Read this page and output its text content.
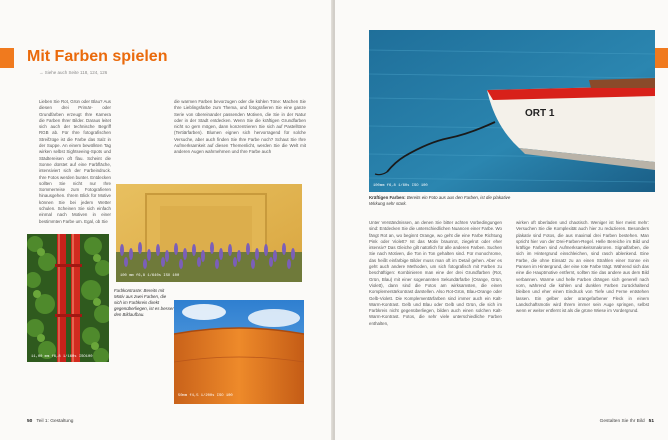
Mit Farben spielen
→ Siehe auch Seite 118, 124, 126

Lieben Sie Rot, Grün oder Blau? Aus diesen drei Primär- oder Grundfarben erzeugt Ihre Kamera die Farben Ihrer Bilder. Daraus leitet sich auch der technische Begriff RGB ab. Für Ihre fotografischen Streifzüge ist die Farbe das Salz in der Suppe. An einem bewölkten Tag wirken selbst Sightseeing-Spots und Städtereisen oft flau. Scheint die Sonne dürstet auf eine Farbfläche, intensiviert sich der Farbeindruck. Ihre Fotos werden bunter. Entdecken sollten Sie nicht nur Ihre Sommerreise zum Fotografieren hinausgehen. Ihrem Blick für Motive können Sie bei jedem Wetter schulen. Scheinen Sie sich einfach einmal nach Motiven in einer bestimmten Farbe um. Egal, ob Sie

die warmen Farben bevorzugen oder die kühlen Töne: Machen Sie Ihre Lieblingsfarbe zum Thema, und fotografieren Sie eine ganze Serie von übereinander passenden Motiven, die Sie in der Natur oder in der Stadt entdecken. Wenn Sie die kräftigen Grundfarben nicht so gern mögen, dann konzentrieren Sie sich auf Pastelltöne (Tertiärfarben). Blumen eignen sich hervorragend für solche Versuche, aber auch finden Sie Ihre Farbe noch? Schaut Sie Ihre Aufmerksamkeit auf diesen Themenlicht, werden Sie die Welt mit anderen Augen wahrnehmen und Ihre Farbe auch

100 mm f6,8 1/640s ISO 100
Farbkontraste: Bereits mit Motiv aus zwei Farben, die sich im Farbkreis direkt gegenüberliegen, ist es besser den Bildaufbau.
11,00 mm f6,8 1/160s ISO100
50mm f4,5 1/200s ISO 100
50 Teil 1: Gestaltung
ORT 1
100mm f6,8 1/60s ISO 100
Kräftigen Farben: Bereits ein Foto aus aus den Farben, ist die plakative Wirkung sehr stark.

Unter Verständnissen, an denen Sie bitter achten Vorbedingungen sind: Entdecken Sie die unterschiedlichen Nuancen einer Farbe. Wo fängt Rot an, wo beginnt Orange, wo geht die eine Farbe Richtung Pink oder Violett? Ist das Motiv braunrot, ziegelrot oder eher intensiv? Das Gleiche gilt natürlich für alle anderen Farben. Suchen Sie nach Motiven, die Ton in Ton gehalten sind. Für monochrome, das heißt einfarbige Bilder muss man oft im Detail gehen. Aber es geht auch andere Methoden, um sich fotografisch mit Farben zu beschäftigen: Kombinieren man eine der drei Grundfarben (Rot, Grün, Blau) mit einer sogenannten Sekundärfarbe (Orange, Grün, Violett), dann sind die Fotos am wirksamsten, die einen Komplementärkontrast darstellen. Also Rot-Grün, Blau-Orange oder Gelb-Violett. Die Komplementärfarben sind immer auch ein Kalt-Warm-Kontrast. Gelb und Blau oder Gelb und Grün, die sich im Farbkreis nicht gegenüberliegen, bilden auch einen solchen Kalt-Warm-Kontrast. Fotos, die sehr viele unterschiedliche Farben enthalten,

wirken oft überladen und chaotisch. Weniger ist hier meist mehr: Versuchen Sie die Komplexität auch hier zu reduzieren. Besonders plakativ sind Fotos, die aus maximal drei Farben bestehen. Man spricht hier von der Drei-Farben-Regel. Helle Bereiche im Bild und kräftige Farben sind Aufmerksamkeitsmakroren. Signalfarben, die sich im Hintergrund einschleichen, sind rasch ablenkend. Eine Farbe, die ohne Einsatz zu an einen Strahlen einer Sonne ein Pansen im Hintergrund, der eine rote Farbe trägt. Während sich das eine die Hauptmotive entfernt, sollten Sie das andere aus dem Bild verbannen. Warme und helle Farben drängen sich generell nach vorn, während die kühlen und dunklen Farben zurückhaltend bleiben und eher einen Eindruck von Tiefe und Ferne entstehen lassen. Ein gelber oder orangefarbener Fleck in einem Landschaftsmotiv wird Ihrem immer sein Auge springen, selbst wenn er weiter entfernt ist als die grüne Wiese im Vordergrund.

Gestalten Sie Ihr Bild 51
